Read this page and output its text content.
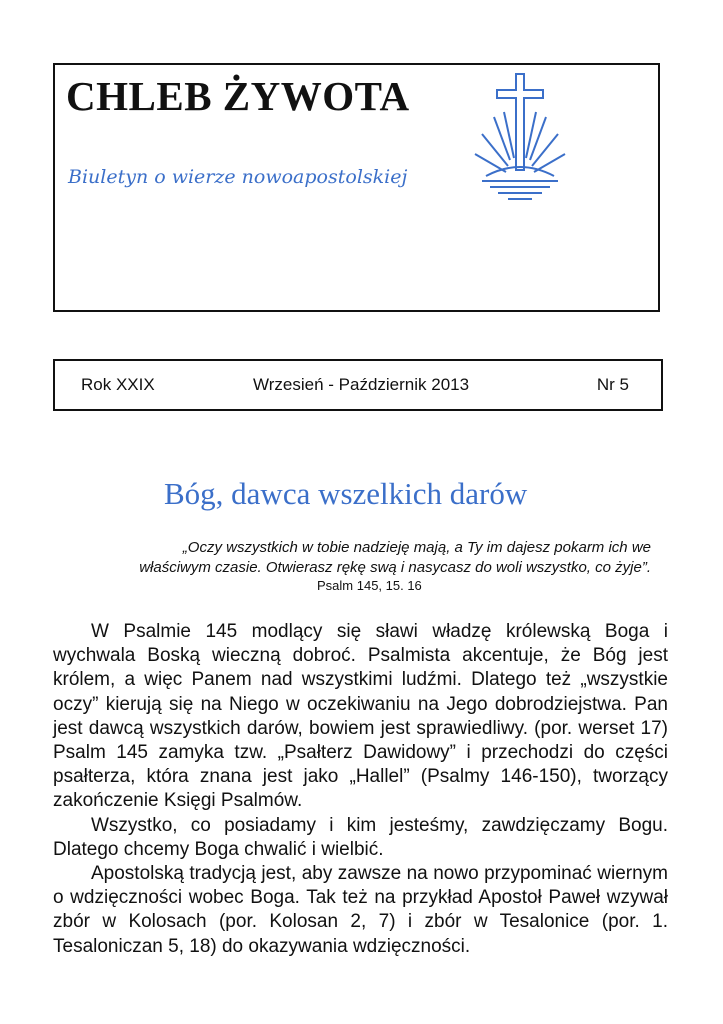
CHLEB ŻYWOTA

Biuletyn o wierze nowoapostolskiej

Rok XXIX	Wrzesień - Październik 2013	Nr 5
Bóg, dawca wszelkich darów
„Oczy wszystkich w tobie nadzieję mają, a Ty im dajesz pokarm ich we
właściwym czasie. Otwierasz rękę swą i nasycasz do woli wszystko, co żyje”.
Psalm 145, 15. 16

W Psalmie 145 modlący się sławi władzę królewską Boga i wychwala Boską wieczną dobroć. Psalmista akcentuje, że Bóg jest królem, a więc Panem nad wszystkimi ludźmi. Dlatego też „wszystkie oczy” kierują się na Niego w oczekiwaniu na Jego dobrodziejstwa. Pan jest dawcą wszystkich darów, bowiem jest sprawiedliwy. (por. werset 17) Psalm 145 zamyka tzw. „Psałterz Dawidowy” i przechodzi do części psałterza, która znana jest jako „Hallel” (Psalmy 146-150), tworzący zakończenie Księgi Psalmów.

Wszystko, co posiadamy i kim jesteśmy, zawdzięczamy Bogu. Dlatego chcemy Boga chwalić i wielbić.

Apostolską tradycją jest, aby zawsze na nowo przypominać wiernym o wdzięczności wobec Boga. Tak też na przykład Apostoł Paweł wzywał zbór w Kolosach (por. Kolosan 2, 7) i zbór w Tesalonice (por. 1. Tesaloniczan 5, 18) do okazywania wdzięczności.
